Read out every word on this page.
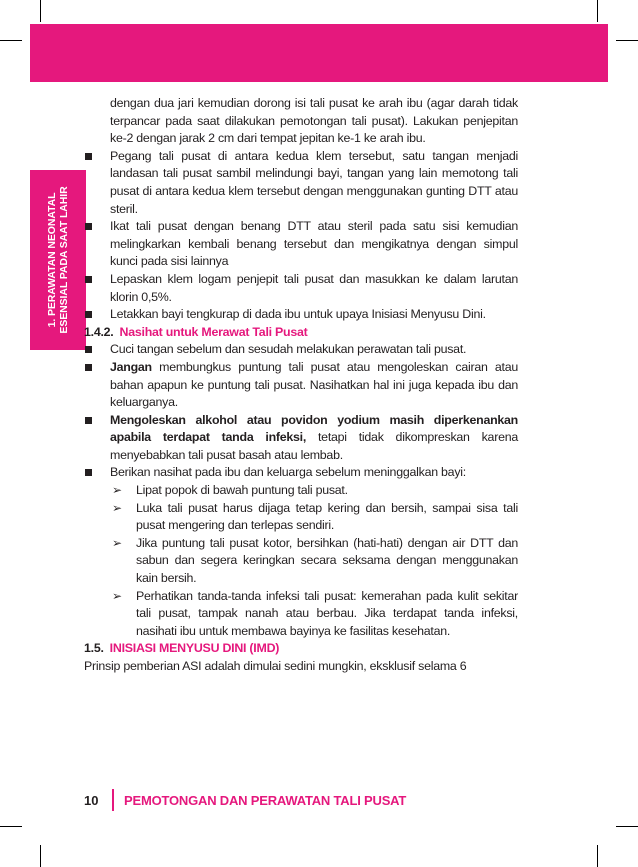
1. PERAWATAN NEONATAL ESENSIAL PADA SAAT LAHIR

dengan dua jari kemudian dorong isi tali pusat ke arah ibu (agar darah tidak terpancar pada saat dilakukan pemotongan tali pusat). Lakukan penjepitan ke-2 dengan jarak 2 cm dari tempat jepitan ke-1 ke arah ibu.

Pegang tali pusat di antara kedua klem tersebut, satu tangan menjadi landasan tali pusat sambil melindungi bayi, tangan yang lain memotong tali pusat di antara kedua klem tersebut dengan menggunakan gunting DTT atau steril.
Ikat tali pusat dengan benang DTT atau steril pada satu sisi kemudian melingkarkan kembali benang tersebut dan mengikatnya dengan simpul kunci pada sisi lainnya
Lepaskan klem logam penjepit tali pusat dan masukkan ke dalam larutan klorin 0,5%.
Letakkan bayi tengkurap di dada ibu untuk upaya Inisiasi Menyusu Dini.

1.4.2. Nasihat untuk Merawat Tali Pusat

Cuci tangan sebelum dan sesudah melakukan perawatan tali pusat.
Jangan membungkus puntung tali pusat atau mengoleskan cairan atau bahan apapun ke puntung tali pusat. Nasihatkan hal ini juga kepada ibu dan keluarganya.
Mengoleskan alkohol atau povidon yodium masih diperkenankan apabila terdapat tanda infeksi, tetapi tidak dikompreskan karena menyebabkan tali pusat basah atau lembab.
Berikan nasihat pada ibu dan keluarga sebelum meninggalkan bayi:
➢ Lipat popok di bawah puntung tali pusat.
➢ Luka tali pusat harus dijaga tetap kering dan bersih, sampai sisa tali pusat mengering dan terlepas sendiri.
➢ Jika puntung tali pusat kotor, bersihkan (hati-hati) dengan air DTT dan sabun dan segera keringkan secara seksama dengan menggunakan kain bersih.
➢ Perhatikan tanda-tanda infeksi tali pusat: kemerahan pada kulit sekitar tali pusat, tampak nanah atau berbau. Jika terdapat tanda infeksi, nasihati ibu untuk membawa bayinya ke fasilitas kesehatan.

1.5. INISIASI MENYUSU DINI (IMD)

Prinsip pemberian ASI adalah dimulai sedini mungkin, eksklusif selama 6

10	PEMOTONGAN DAN PERAWATAN TALI PUSAT
